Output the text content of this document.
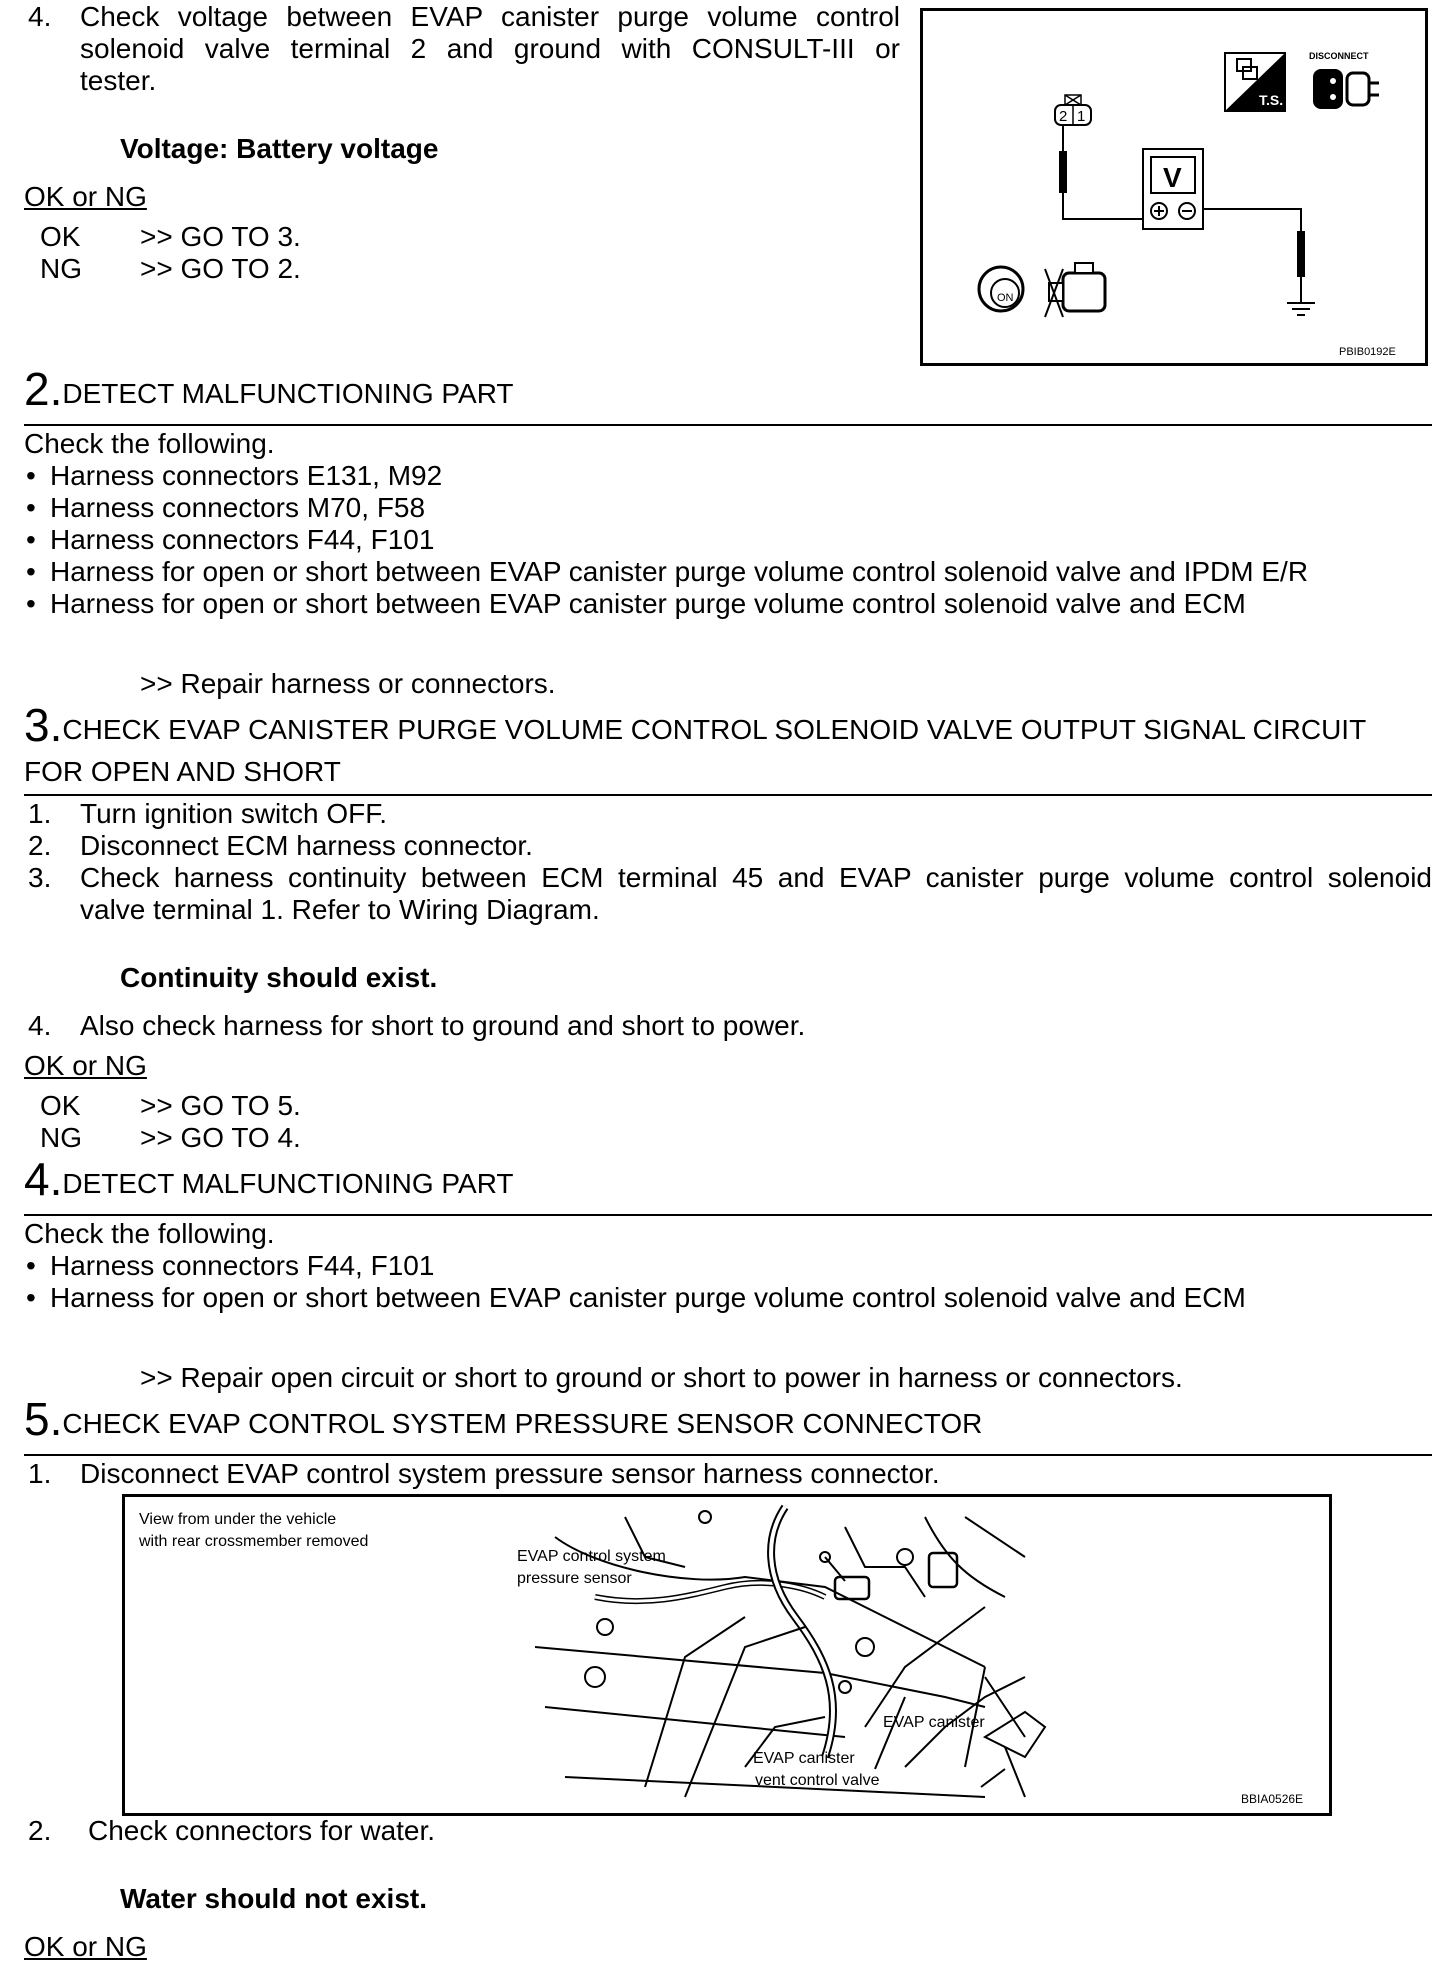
4. Check voltage between EVAP canister purge volume control
solenoid valve terminal 2 and ground with CONSULT-III or
tester.
Voltage: Battery voltage
OK or NG
OK >> GO TO 3.
NG >> GO TO 2.
T.S.
DISCONNECT
2 1
V
ON
PBIB0192E
2.DETECT MALFUNCTIONING PART
Check the following.
• Harness connectors E131, M92
• Harness connectors M70, F58
• Harness connectors F44, F101
• Harness for open or short between EVAP canister purge volume control solenoid valve and IPDM E/R
• Harness for open or short between EVAP canister purge volume control solenoid valve and ECM
>> Repair harness or connectors.
3.CHECK EVAP CANISTER PURGE VOLUME CONTROL SOLENOID VALVE OUTPUT SIGNAL CIRCUIT
FOR OPEN AND SHORT
1. Turn ignition switch OFF.
2. Disconnect ECM harness connector.
3. Check harness continuity between ECM terminal 45 and EVAP canister purge volume control solenoid
valve terminal 1. Refer to Wiring Diagram.
Continuity should exist.
4. Also check harness for short to ground and short to power.
OK or NG
OK >> GO TO 5.
NG >> GO TO 4.
4.DETECT MALFUNCTIONING PART
Check the following.
• Harness connectors F44, F101
• Harness for open or short between EVAP canister purge volume control solenoid valve and ECM
>> Repair open circuit or short to ground or short to power in harness or connectors.
5.CHECK EVAP CONTROL SYSTEM PRESSURE SENSOR CONNECTOR
1. Disconnect EVAP control system pressure sensor harness connector.
View from under the vehicle
with rear crossmember removed
EVAP control system
pressure sensor
EVAP canister
EVAP canister
vent control valve
BBIA0526E
2. Check connectors for water.
Water should not exist.
OK or NG
